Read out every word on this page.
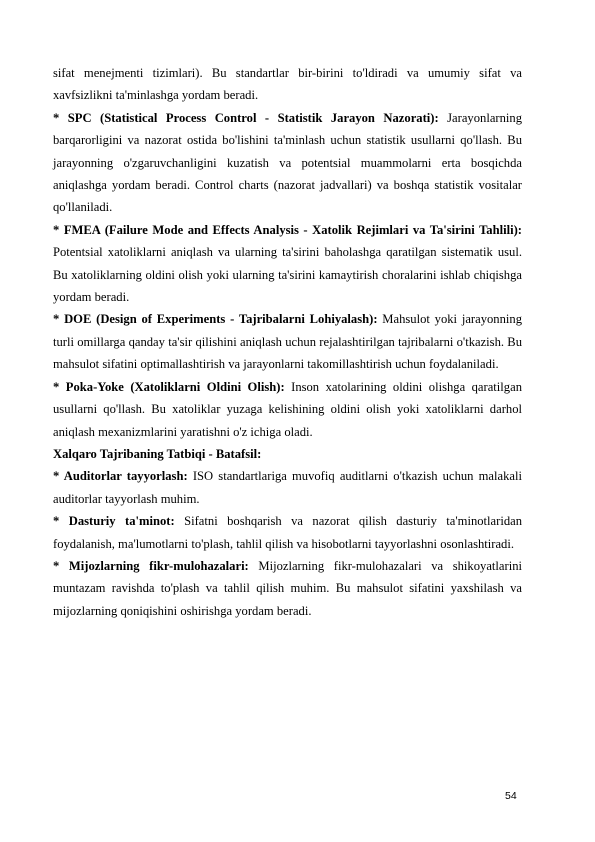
sifat menejmenti tizimlari). Bu standartlar bir-birini to'ldiradi va umumiy sifat va xavfsizlikni ta'minlashga yordam beradi.

* SPC (Statistical Process Control - Statistik Jarayon Nazorati): Jarayonlarning barqarorligini va nazorat ostida bo'lishini ta'minlash uchun statistik usullarni qo'llash. Bu jarayonning o'zgaruvchanligini kuzatish va potentsial muammolarni erta bosqichda aniqlashga yordam beradi. Control charts (nazorat jadvallari) va boshqa statistik vositalar qo'llaniladi.

* FMEA (Failure Mode and Effects Analysis - Xatolik Rejimlari va Ta'sirini Tahlili): Potentsial xatoliklarni aniqlash va ularning ta'sirini baholashga qaratilgan sistematik usul. Bu xatoliklarning oldini olish yoki ularning ta'sirini kamaytirish choralarini ishlab chiqishga yordam beradi.

* DOE (Design of Experiments - Tajribalarni Lohiyalash): Mahsulot yoki jarayonning turli omillarga qanday ta'sir qilishini aniqlash uchun rejalashtirilgan tajribalarni o'tkazish. Bu mahsulot sifatini optimallashtirish va jarayonlarni takomillashtirish uchun foydalaniladi.

* Poka-Yoke (Xatoliklarni Oldini Olish): Inson xatolarining oldini olishga qaratilgan usullarni qo'llash. Bu xatoliklar yuzaga kelishining oldini olish yoki xatoliklarni darhol aniqlash mexanizmlarini yaratishni o'z ichiga oladi.

Xalqaro Tajribaning Tatbiqi - Batafsil:

* Auditorlar tayyorlash: ISO standartlariga muvofiq auditlarni o'tkazish uchun malakali auditorlar tayyorlash muhim.

* Dasturiy ta'minot: Sifatni boshqarish va nazorat qilish dasturiy ta'minotlaridan foydalanish, ma'lumotlarni to'plash, tahlil qilish va hisobotlarni tayyorlashni osonlashtiradi.

* Mijozlarning fikr-mulohazalari: Mijozlarning fikr-mulohazalari va shikoyatlarini muntazam ravishda to'plash va tahlil qilish muhim. Bu mahsulot sifatini yaxshilash va mijozlarning qoniqishini oshirishga yordam beradi.

54
